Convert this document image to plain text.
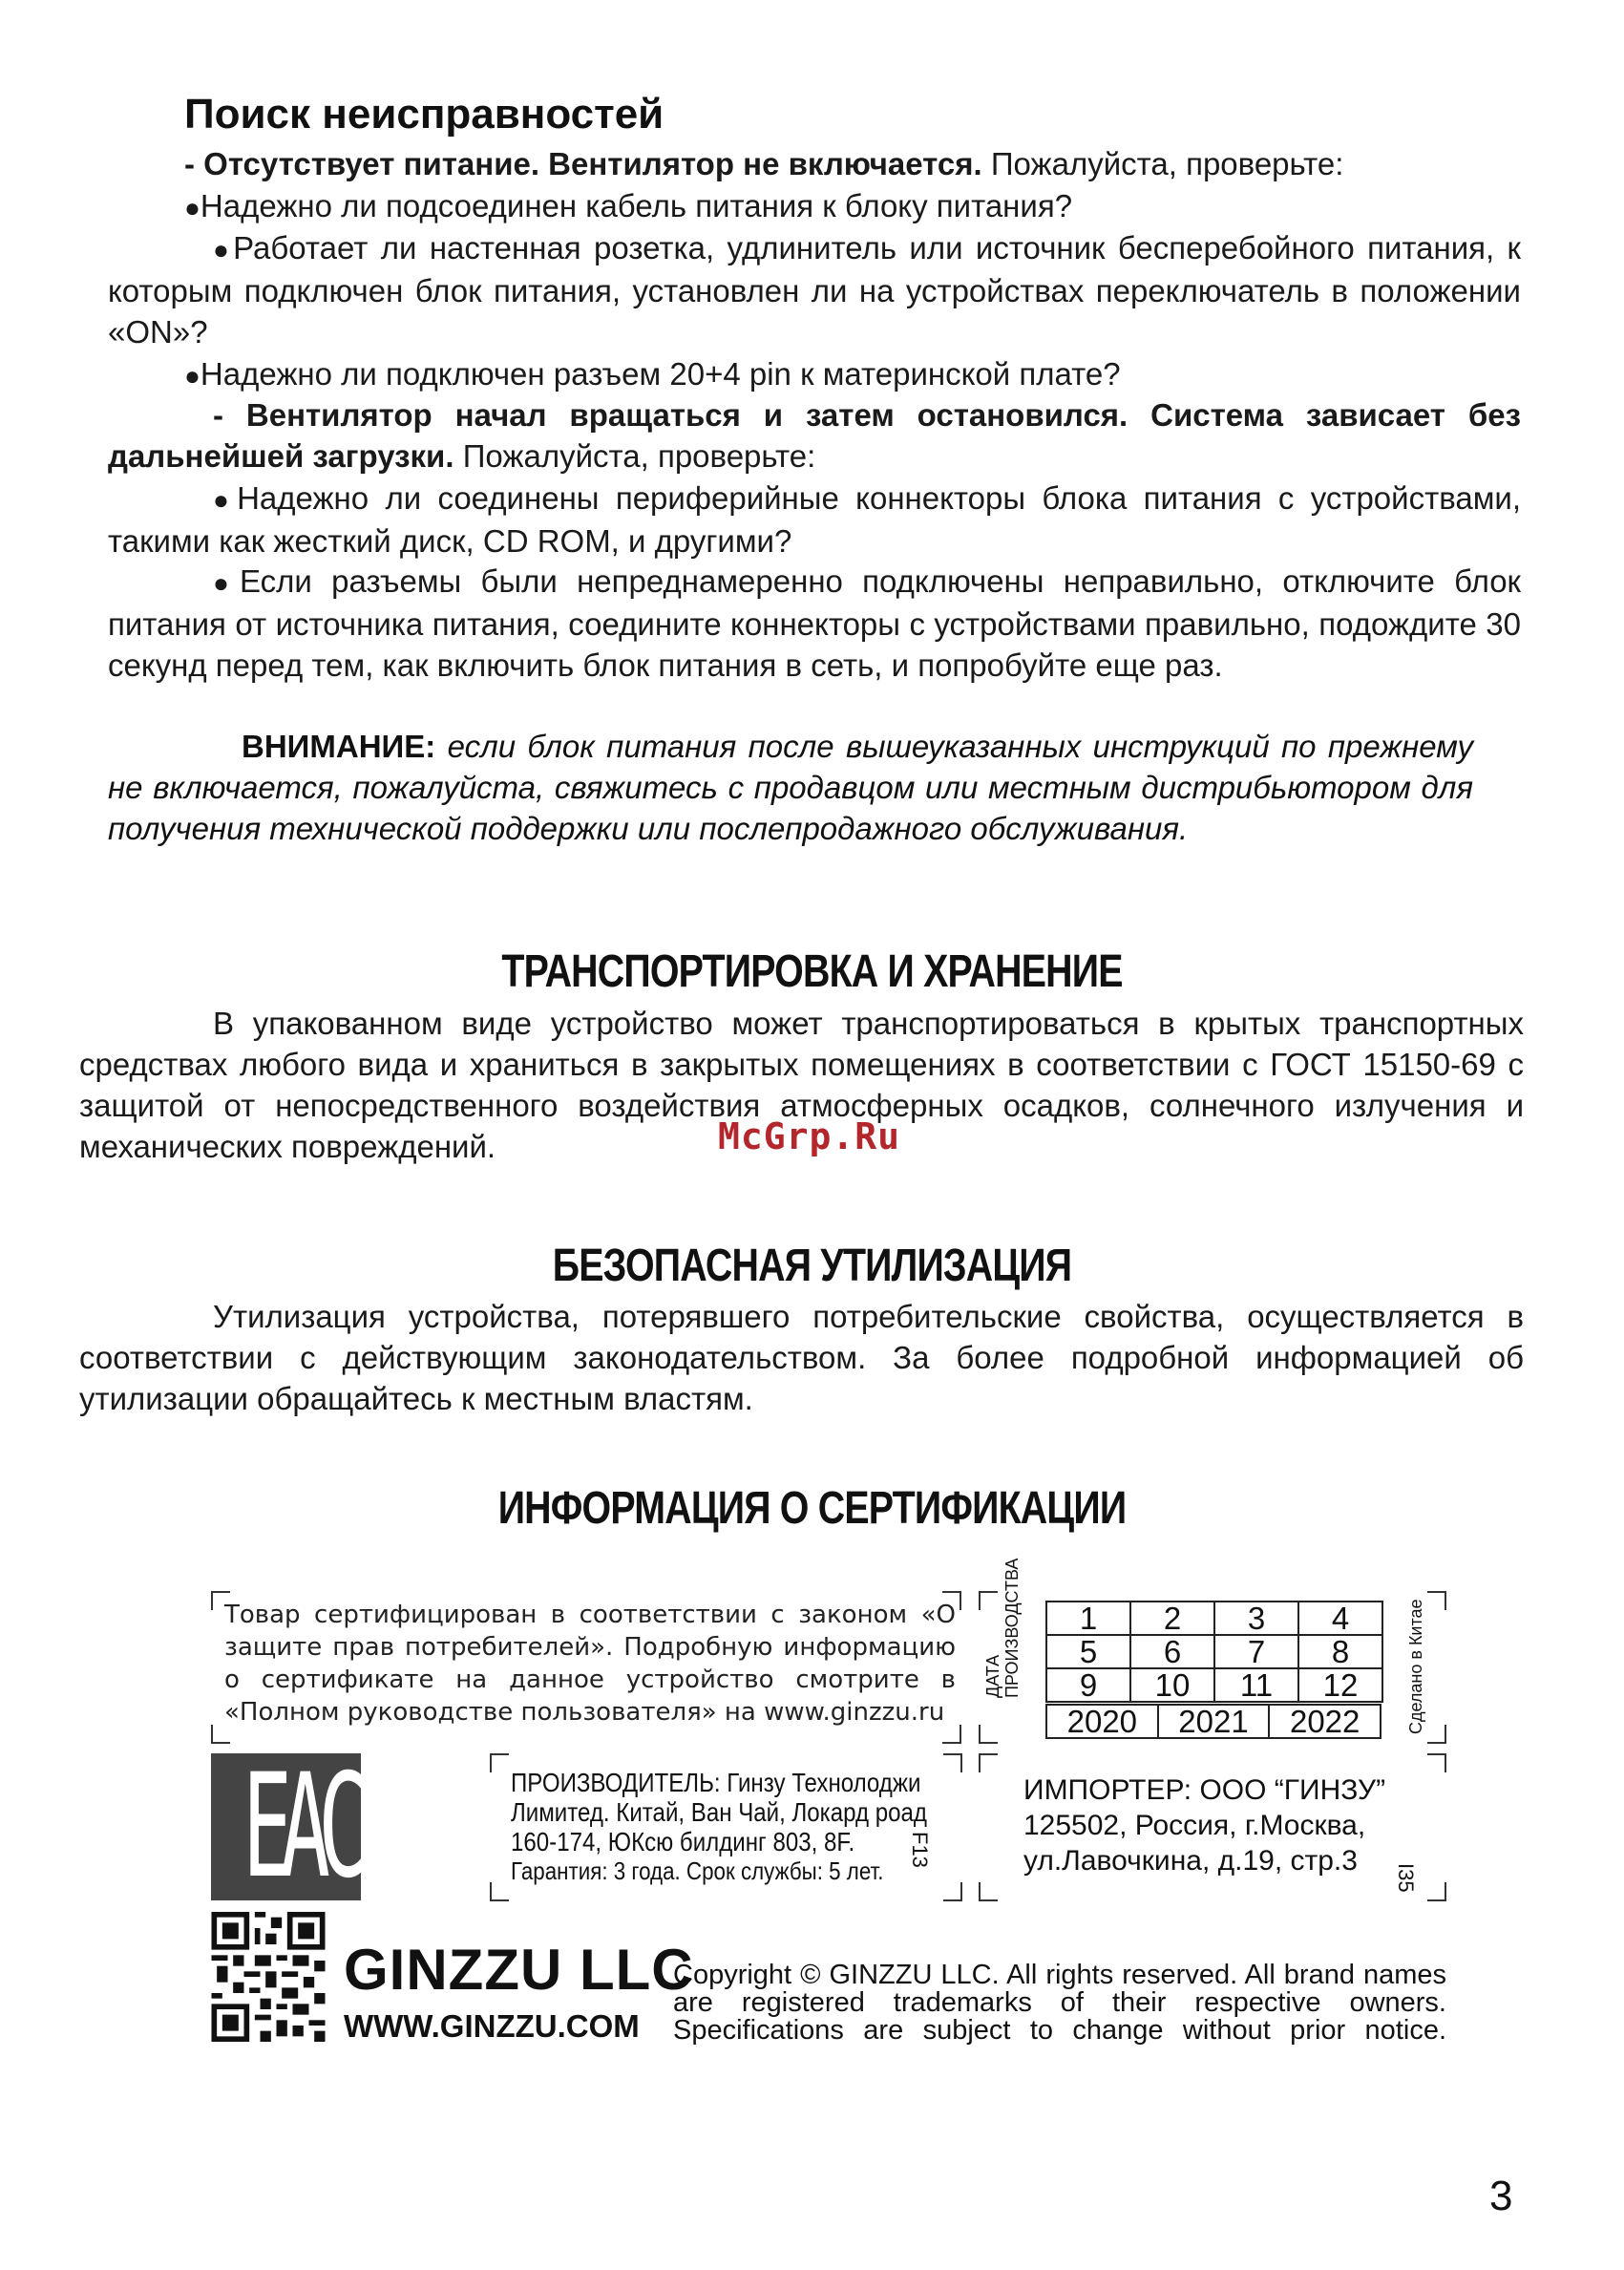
Поиск неисправностей
- Отсутствует питание. Вентилятор не включается. Пожалуйста, проверьте:
● Надежно ли подсоединен кабель питания к блоку питания?
● Работает ли настенная розетка, удлинитель или источник бесперебойного питания, к которым подключен блок питания, установлен ли на устройствах переключатель в положении «ON»?
● Надежно ли подключен разъем 20+4 pin к материнской плате?
- Вентилятор начал вращаться и затем остановился. Система зависает без дальнейшей загрузки. Пожалуйста, проверьте:
● Надежно ли соединены периферийные коннекторы блока питания с устройствами, такими как жесткий диск, CD ROM, и другими?
● Если разъемы были непреднамеренно подключены неправильно, отключите блок питания от источника питания, соедините коннекторы с устройствами правильно, подождите 30 секунд перед тем, как включить блок питания в сеть, и попробуйте еще раз.
ВНИМАНИЕ: если блок питания после вышеуказанных инструкций по прежнему не включается, пожалуйста, свяжитесь с продавцом или местным дистрибьютором для получения технической поддержки или послепродажного обслуживания.
ТРАНСПОРТИРОВКА И ХРАНЕНИЕ
В упакованном виде устройство может транспортироваться в крытых транспортных средствах любого вида и храниться в закрытых помещениях в соответствии с ГОСТ 15150-69 с защитой от непосредственного воздействия атмосферных осадков, солнечного излучения и механических повреждений.	McGrp.Ru
БЕЗОПАСНАЯ УТИЛИЗАЦИЯ
Утилизация устройства, потерявшего потребительские свойства, осуществляется в соответствии с действующим законодательством. За более подробной информацией об утилизации обращайтесь к местным властям.
ИНФОРМАЦИЯ О СЕРТИФИКАЦИИ
Товар сертифицирован в соответствии с законом «О защите прав потребителей». Подробную информацию о сертификате на данное устройство смотрите в «Полном руководстве пользователя» на www.ginzzu.ru
ДАТА ПРОИЗВОДСТВА 1	2	3	4
5	6	7	8
9	10	11	12
2020	2021	2022	Сделано в Китае
EAC	ПРОИЗВОДИТЕЛЬ: Гинзу Технолоджи
Лимитед. Китай, Ван Чай, Локард роад
160-174, ЮКсю билдинг 803, 8F.
Гарантия: 3 года. Срок службы: 5 лет.
F13
ИМПОРТЕР: ООО “ГИНЗУ”
125502, Россия, г.Москва,
ул.Лавочкина, д.19, стр.3
I35
GINZZU LLC
WWW.GINZZU.COM
Copyright © GINZZU LLC. All rights reserved. All brand names are registered trademarks of their respective owners. Specifications are subject to change without prior notice.
3
